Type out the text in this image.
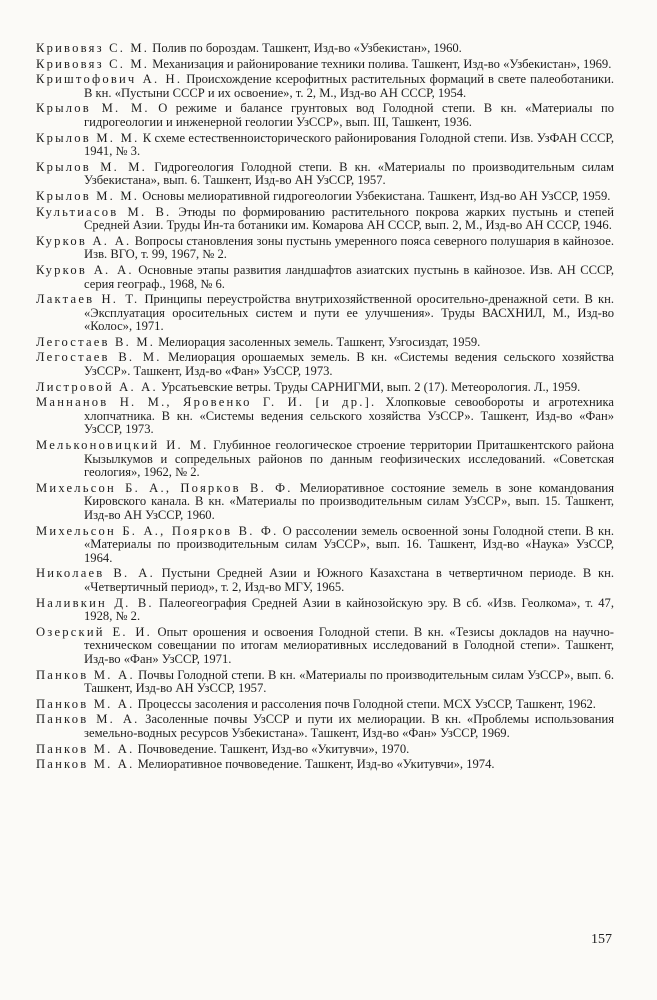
Кривовяз С. М. Полив по бороздам. Ташкент, Изд-во «Узбекистан», 1960.

Кривовяз С. М. Механизация и районирование техники полива. Ташкент, Изд-во «Узбекистан», 1969.

Криштофович А. Н. Происхождение ксерофитных растительных формаций в свете палеоботаники. В кн. «Пустыни СССР и их освоение», т. 2, М., Изд-во АН СССР, 1954.

Крылов М. М. О режиме и балансе грунтовых вод Голодной степи. В кн. «Материалы по гидрогеологии и инженерной геологии УзССР», вып. III, Ташкент, 1936.

Крылов М. М. К схеме естественноисторического районирования Голодной степи. Изв. УзФАН СССР, 1941, № 3.

Крылов М. М. Гидрогеология Голодной степи. В кн. «Материалы по производительным силам Узбекистана», вып. 6. Ташкент, Изд-во АН УзССР, 1957.

Крылов М. М. Основы мелиоративной гидрогеологии Узбекистана. Ташкент, Изд-во АН УзССР, 1959.

Культиасов М. В. Этюды по формированию растительного покрова жарких пустынь и степей Средней Азии. Труды Ин-та ботаники им. Комарова АН СССР, вып. 2, М., Изд-во АН СССР, 1946.

Курков А. А. Вопросы становления зоны пустынь умеренного пояса северного полушария в кайнозое. Изв. ВГО, т. 99, 1967, № 2.

Курков А. А. Основные этапы развития ландшафтов азиатских пустынь в кайнозое. Изв. АН СССР, серия географ., 1968, № 6.

Лактаев Н. Т. Принципы переустройства внутрихозяйственной оросительно-дренажной сети. В кн. «Эксплуатация оросительных систем и пути ее улучшения». Труды ВАСХНИЛ, М., Изд-во «Колос», 1971.

Легостаев В. М. Мелиорация засоленных земель. Ташкент, Узгосиздат, 1959.

Легостаев В. М. Мелиорация орошаемых земель. В кн. «Системы ведения сельского хозяйства УзССР». Ташкент, Изд-во «Фан» УзССР, 1973.

Листровой А. А. Урсатьевские ветры. Труды САРНИГМИ, вып. 2 (17). Метеорология. Л., 1959.

Маннанов Н. М., Яровенко Г. И. [и др.]. Хлопковые севообороты и агротехника хлопчатника. В кн. «Системы ведения сельского хозяйства УзССР». Ташкент, Изд-во «Фан» УзССР, 1973.

Мельконовицкий И. М. Глубинное геологическое строение территории Приташкентского района Кызылкумов и сопредельных районов по данным геофизических исследований. «Советская геология», 1962, № 2.

Михельсон Б. А., Поярков В. Ф. Мелиоративное состояние земель в зоне командования Кировского канала. В кн. «Материалы по производительным силам УзССР», вып. 15. Ташкент, Изд-во АН УзССР, 1960.

Михельсон Б. А., Поярков В. Ф. О рассолении земель освоенной зоны Голодной степи. В кн. «Материалы по производительным силам УзССР», вып. 16. Ташкент, Изд-во «Наука» УзССР, 1964.

Николаев В. А. Пустыни Средней Азии и Южного Казахстана в четвертичном периоде. В кн. «Четвертичный период», т. 2, Изд-во МГУ, 1965.

Наливкин Д. В. Палеогеография Средней Азии в кайнозойскую эру. В сб. «Изв. Геолкома», т. 47, 1928, № 2.

Озерский Е. И. Опыт орошения и освоения Голодной степи. В кн. «Тезисы докладов на научно-техническом совещании по итогам мелиоративных исследований в Голодной степи». Ташкент, Изд-во «Фан» УзССР, 1971.

Панков М. А. Почвы Голодной степи. В кн. «Материалы по производительным силам УзССР», вып. 6. Ташкент, Изд-во АН УзССР, 1957.

Панков М. А. Процессы засоления и рассоления почв Голодной степи. МСХ УзССР, Ташкент, 1962.

Панков М. А. Засоленные почвы УзССР и пути их мелиорации. В кн. «Проблемы использования земельно-водных ресурсов Узбекистана». Ташкент, Изд-во «Фан» УзССР, 1969.

Панков М. А. Почвоведение. Ташкент, Изд-во «Укитувчи», 1970.

Панков М. А. Мелиоративное почвоведение. Ташкент, Изд-во «Укитувчи», 1974.

157
